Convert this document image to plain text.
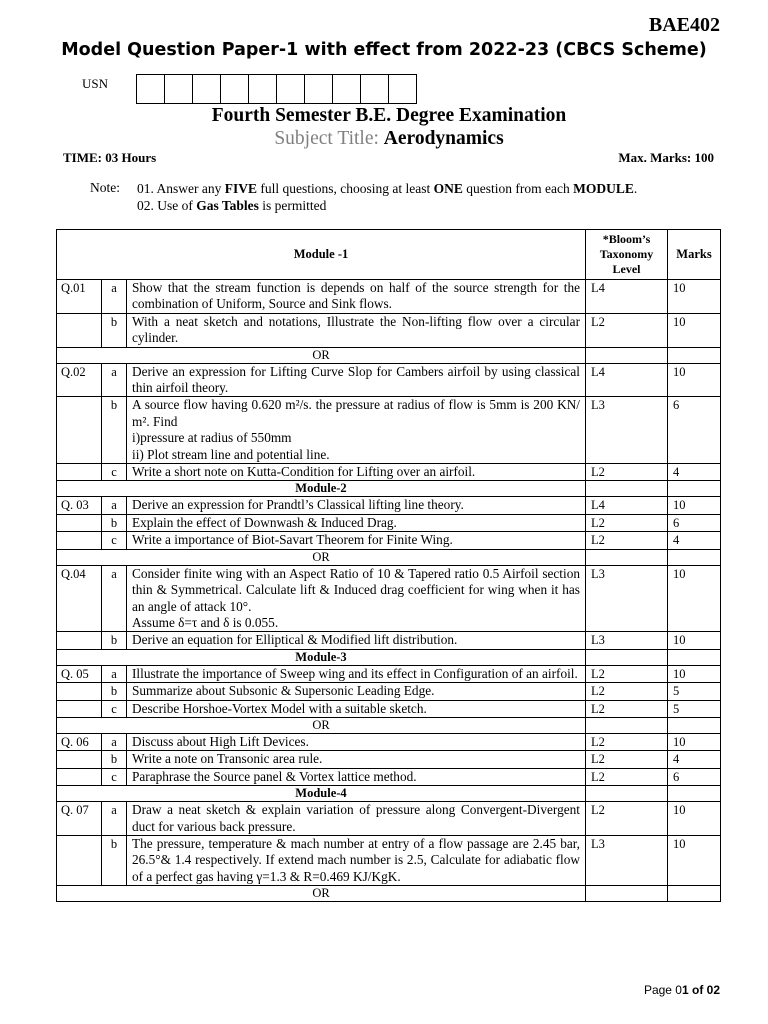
BAE402
Model Question Paper-1 with effect from 2022-23 (CBCS Scheme)
USN
Fourth Semester B.E. Degree Examination
Subject Title: Aerodynamics
TIME: 03 Hours	Max. Marks: 100
Note: 01. Answer any FIVE full questions, choosing at least ONE question from each MODULE.
02. Use of Gas Tables is permitted
Module -1			*Bloom’s Taxonomy Level	Marks
Q.01	a	Show that the stream function is depends on half of the source strength for the combination of Uniform, Source and Sink flows.	L4	10
	b	With a neat sketch and notations, Illustrate the Non-lifting flow over a circular cylinder.	L2	10
OR				
Q.02	a	Derive an expression for Lifting Curve Slop for Cambers airfoil by using classical thin airfoil theory.	L4	10
	b	A source flow having 0.620 m²/s. the pressure at radius of flow is 5mm is 200 KN/ m². Find
i)pressure at radius of 550mm
ii) Plot stream line and potential line.	L3	6
	c	Write a short note on Kutta-Condition for Lifting over an airfoil.	L2	4
Module-2				
Q. 03	a	Derive an expression for Prandtl’s Classical lifting line theory.	L4	10
	b	Explain the effect of Downwash & Induced Drag.	L2	6
	c	Write a importance of Biot-Savart Theorem for Finite Wing.	L2	4
OR				
Q.04	a	Consider finite wing with an Aspect Ratio of 10 & Tapered ratio 0.5 Airfoil section thin & Symmetrical. Calculate lift & Induced drag coefficient for wing when it has an angle of attack 10°.
Assume δ=τ and δ is 0.055.	L3	10
	b	Derive an equation for Elliptical & Modified lift distribution.	L3	10
Module-3				
Q. 05	a	Illustrate the importance of Sweep wing and its effect in Configuration of an airfoil.	L2	10
	b	Summarize about Subsonic & Supersonic Leading Edge.	L2	5
	c	Describe Horshoe-Vortex Model with a suitable sketch.	L2	5
OR				
Q. 06	a	Discuss about High Lift Devices.	L2	10
	b	Write a note on Transonic area rule.	L2	4
	c	Paraphrase the Source panel & Vortex lattice method.	L2	6
Module-4				
Q. 07	a	Draw a neat sketch & explain variation of pressure along Convergent-Divergent duct for various back pressure.	L2	10
	b	The pressure, temperature & mach number at entry of a flow passage are 2.45 bar, 26.5°& 1.4 respectively. If extend mach number is 2.5, Calculate for adiabatic flow of a perfect gas having γ=1.3 & R=0.469 KJ/KgK.	L3	10
OR				
Page 01 of 02
